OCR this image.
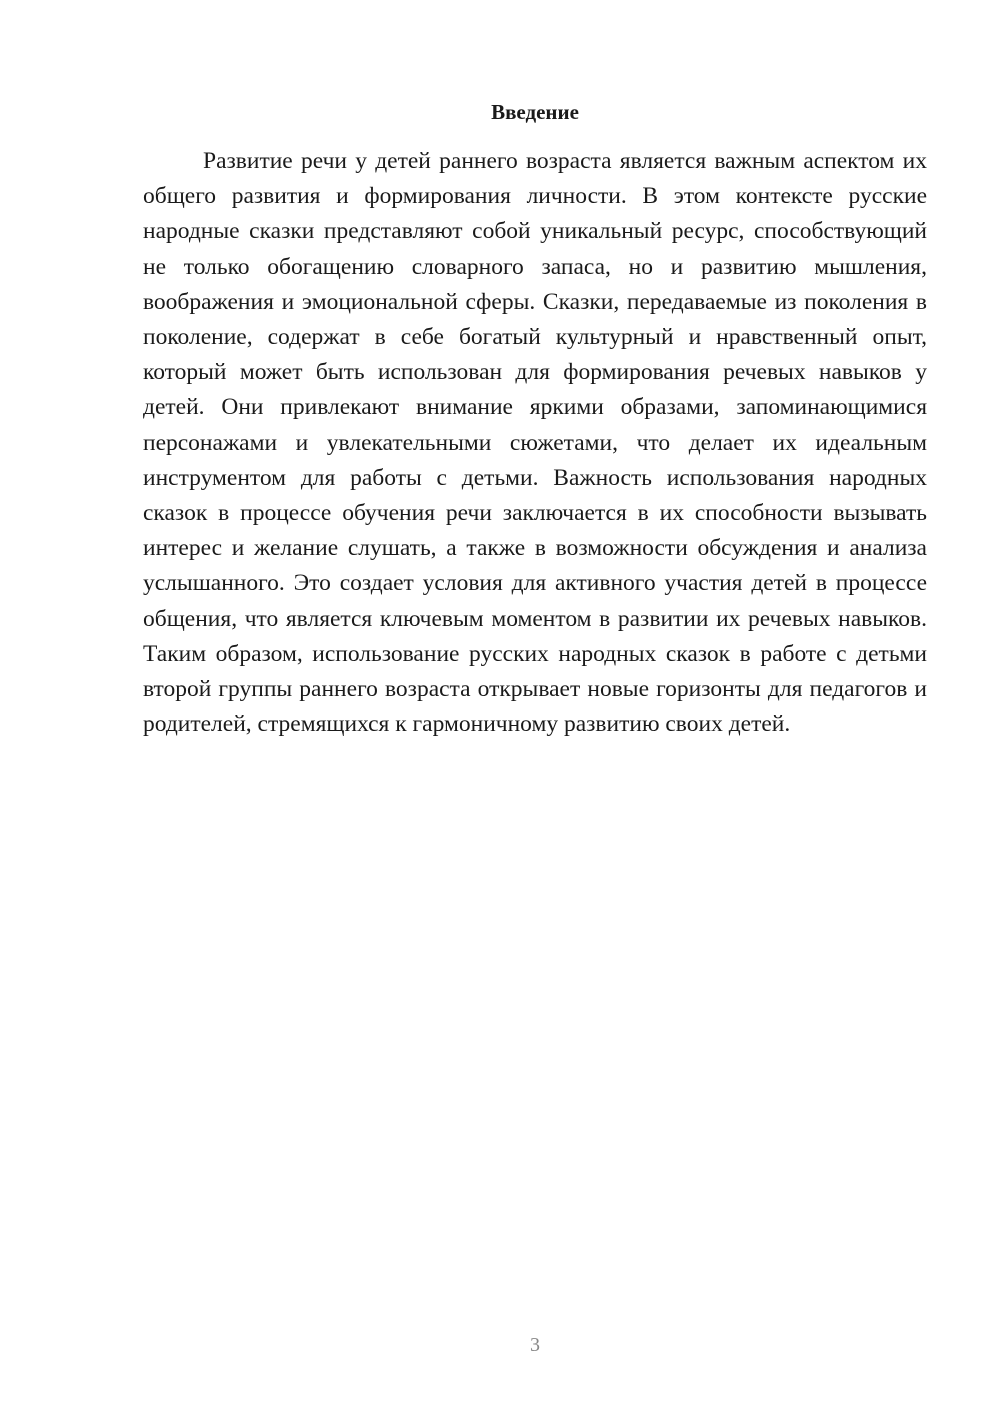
Введение

Развитие речи у детей раннего возраста является важным аспектом их общего развития и формирования личности. В этом контексте русские народные сказки представляют собой уникальный ресурс, способствующий не только обогащению словарного запаса, но и развитию мышления, воображения и эмоциональной сферы. Сказки, передаваемые из поколения в поколение, содержат в себе богатый культурный и нравственный опыт, который может быть использован для формирования речевых навыков у детей. Они привлекают внимание яркими образами, запоминающимися персонажами и увлекательными сюжетами, что делает их идеальным инструментом для работы с детьми. Важность использования народных сказок в процессе обучения речи заключается в их способности вызывать интерес и желание слушать, а также в возможности обсуждения и анализа услышанного. Это создает условия для активного участия детей в процессе общения, что является ключевым моментом в развитии их речевых навыков. Таким образом, использование русских народных сказок в работе с детьми второй группы раннего возраста открывает новые горизонты для педагогов и родителей, стремящихся к гармоничному развитию своих детей.

3
